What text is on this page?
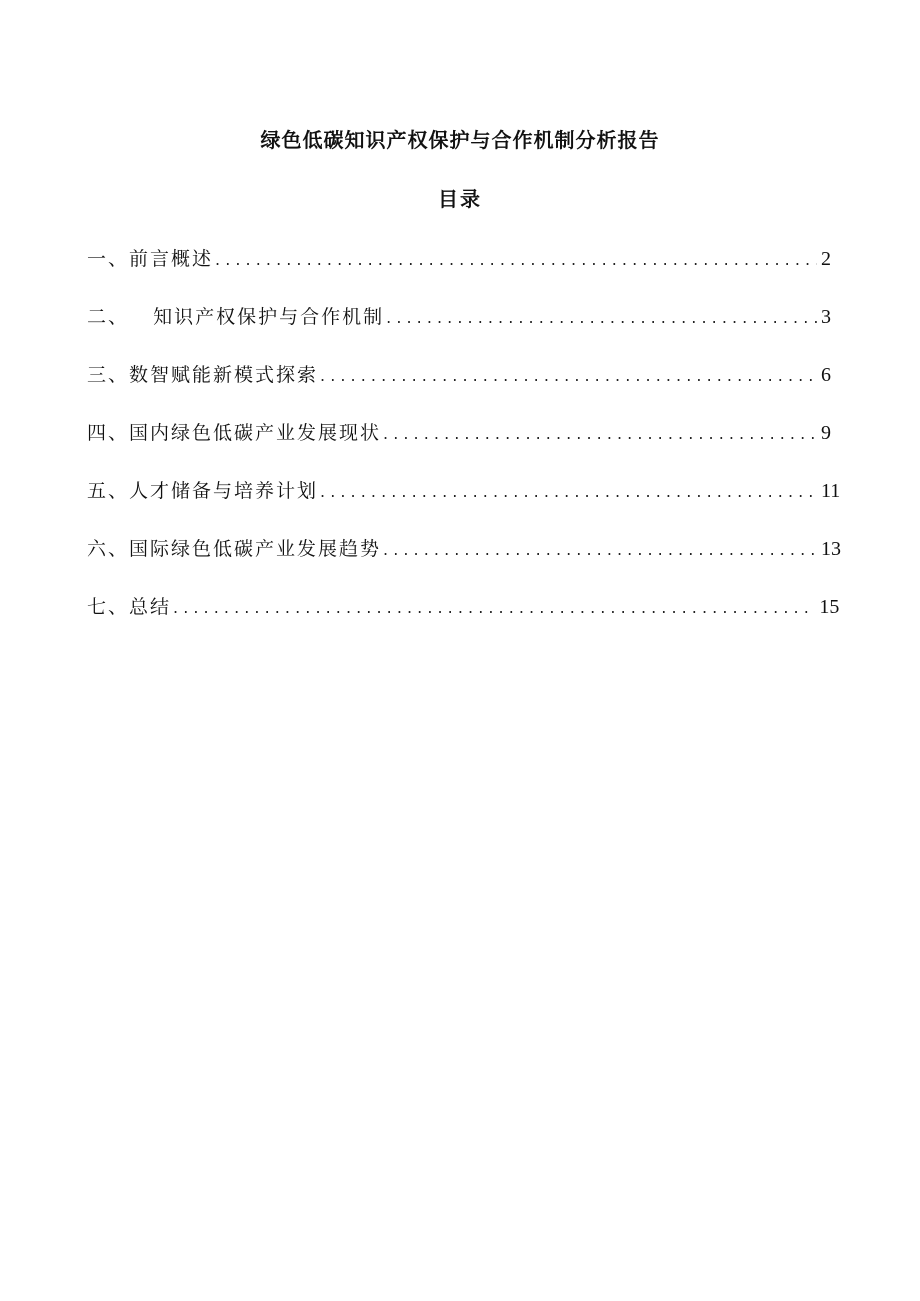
绿色低碳知识产权保护与合作机制分析报告
目录
一、 前言概述 . . .	2
二、 知识产权保护与合作机制 . . .	3
三、 数智赋能新模式探索 . . .	6
四、 国内绿色低碳产业发展现状 . . .	9
五、 人才储备与培养计划 . . .	11
六、 国际绿色低碳产业发展趋势 . . .	13
七、 总结 . . .	15
